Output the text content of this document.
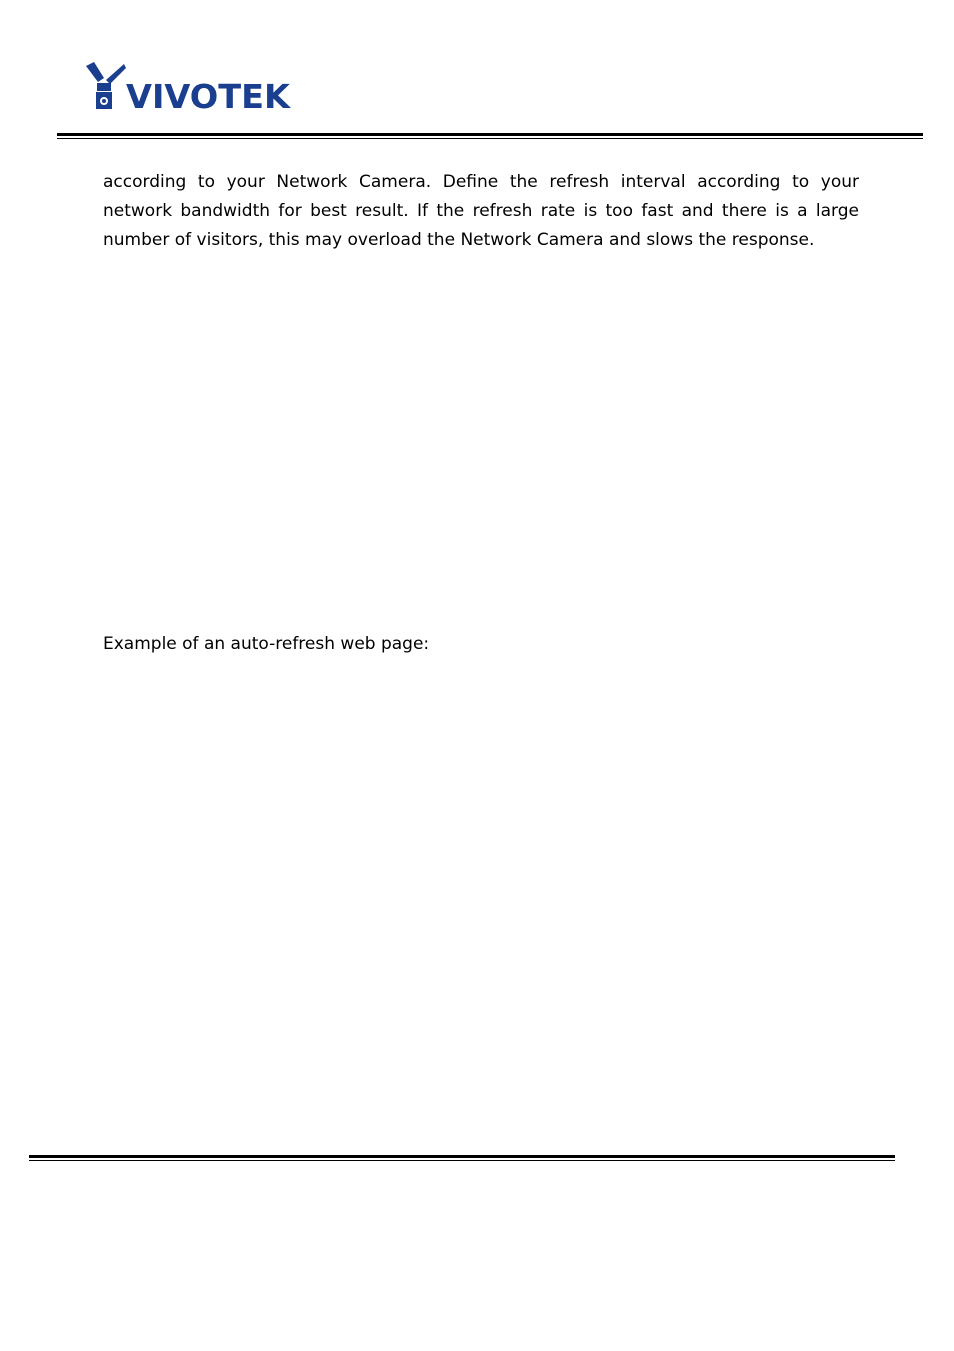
VIVOTEK

according to your Network Camera. Define the refresh interval according to your network bandwidth for best result. If the refresh rate is too fast and there is a large number of visitors, this may overload the Network Camera and slows the response.

Example of an auto-refresh web page:
